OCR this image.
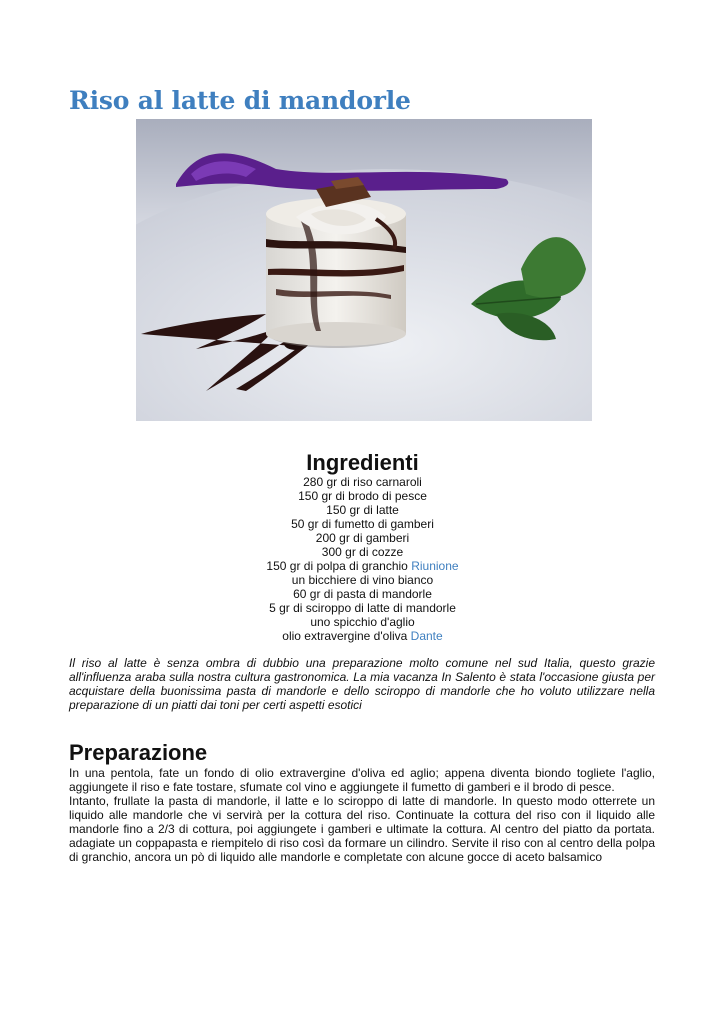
Riso al latte di mandorle
Ingredienti
280 gr di riso carnaroli
150 gr di brodo di pesce
150 gr di latte
50 gr di fumetto di gamberi
200 gr di gamberi
300 gr di cozze
150 gr di polpa di granchio Riunione
un bicchiere di vino bianco
60 gr di pasta di mandorle
5 gr di sciroppo di latte di mandorle
uno spicchio d'aglio
olio extravergine d'oliva Dante

Il riso al latte è senza ombra di dubbio una preparazione molto comune nel sud Italia, questo grazie all'influenza araba sulla nostra cultura gastronomica. La mia vacanza In Salento è stata l'occasione giusta per acquistare della buonissima pasta di mandorle e dello sciroppo di mandorle che ho voluto utilizzare nella preparazione di un piatti dai toni per certi aspetti esotici

Preparazione

In una pentola, fate un fondo di olio extravergine d'oliva ed aglio; appena diventa biondo togliete l'aglio, aggiungete il riso e fate tostare, sfumate col vino e aggiungete il fumetto di gamberi e il brodo di pesce.

Intanto, frullate la pasta di mandorle, il latte e lo sciroppo di latte di mandorle. In questo modo otterrete un liquido alle mandorle che vi servirà per la cottura del riso. Continuate la cottura del riso con il liquido alle mandorle fino a 2/3 di cottura, poi aggiungete i gamberi e ultimate la cottura. Al centro del piatto da portata. adagiate un coppapasta e riempitelo di riso così da formare un cilindro. Servite il riso con al centro della polpa di granchio, ancora un pò di liquido alle mandorle e completate con alcune gocce di aceto balsamico
